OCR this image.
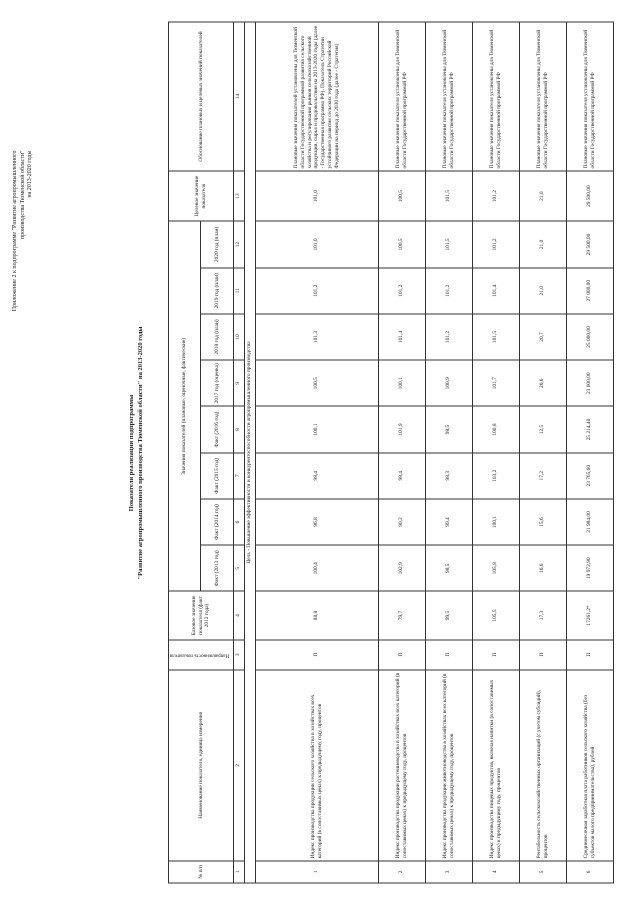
Приложение 2 к подпрограмме "Развитие агропромышленного производства Тюменской области" на 2013-2020 годы
Показатели реализации подпрограммы "Развитие агропромышленного производства Тюменской области" на 2013-2020 годы
№ п/п	Наименование показателя, единица измерения	Направленность показателя	Базовое значение показателя (факт 2012 года)	Значения показателей (плановые, оценочные, фактические)								Целевое значение показателя	Обоснование плановых и целевых значений показателей
				Факт (2013 год)	Факт (2014 год)	Факт (2015 год)	Факт (2016 год)	2017 год (оценка)	2018 год (план)	2019 год (план)	2020 год (план)		
1	2	3	4	5	6	7	8	9	10	11	12	13	14
Цель - Повышение эффективности и конкурентоспособности агропромышленного производства													
1	Индекс производства продукции сельского хозяйства в хозяйствах всех категорий (в сопоставимых ценах) к предыдущему году, процентов	П	88,8	100,4	96,8	98,4	100,1	100,5	101,3	101,2	101,0	101,0	Плановые значения показателей установлены для Тюменской области Государственной программой развития сельского хозяйства и регулирования рынков сельскохозяйственной продукции, сырья и продовольствия на 2013-2020 годы (далее - Государственная программа РФ). Показатель Стратегии устойчивого развития сельских территорий Российской Федерации на период до 2030 года (далее - Стратегия)
2	Индекс производства продукции растениеводства в хозяйствах всех категорий (в сопоставимых ценах) к предыдущему году, процентов	П	79,7	102,9	90,2	98,4	101,9	100,1	101,4	101,2	100,5	100,5	Плановые значения показателя установлены для Тюменской области Государственной программой РФ
3	Индекс производства продукции животноводства в хозяйствах всех категорий (в сопоставимых ценах) к предыдущему году, процентов	П	99,5	98,5	99,4	98,3	98,5	100,9	101,2	101,2	101,5	101,5	Плановые значения показателя установлены для Тюменской области Государственной программой РФ
4	Индекс производства пищевых продуктов, включая напитки (в сопоставимых ценах) к предыдущему году, процентов	П	105,5	105,8	100,1	103,2	100,8	101,7	101,5	101,4	101,2	101,2	Плановые значения показателя установлены для Тюменской области Государственной программой РФ
5	Рентабельность сельскохозяйственных организаций (с учетом субсидий), процентов	П	17,3	16,6	15,6	17,2	12,5	20,6	20,7	21,0	21,0	21,0	Плановые значения показателя установлены для Тюменской области Государственной программой РФ
6	Среднемесячная заработная плата работников сельского хозяйства (без субъектов малого предпринимательства), рублей	П	17261,2*	19 972,90	21 984,00	23 765,60	25 214,40	23 000,00	25 000,00	27 000,00	29 500,00	29 500,00	Плановые значения показателя установлены для Тюменской области Государственной программой РФ
